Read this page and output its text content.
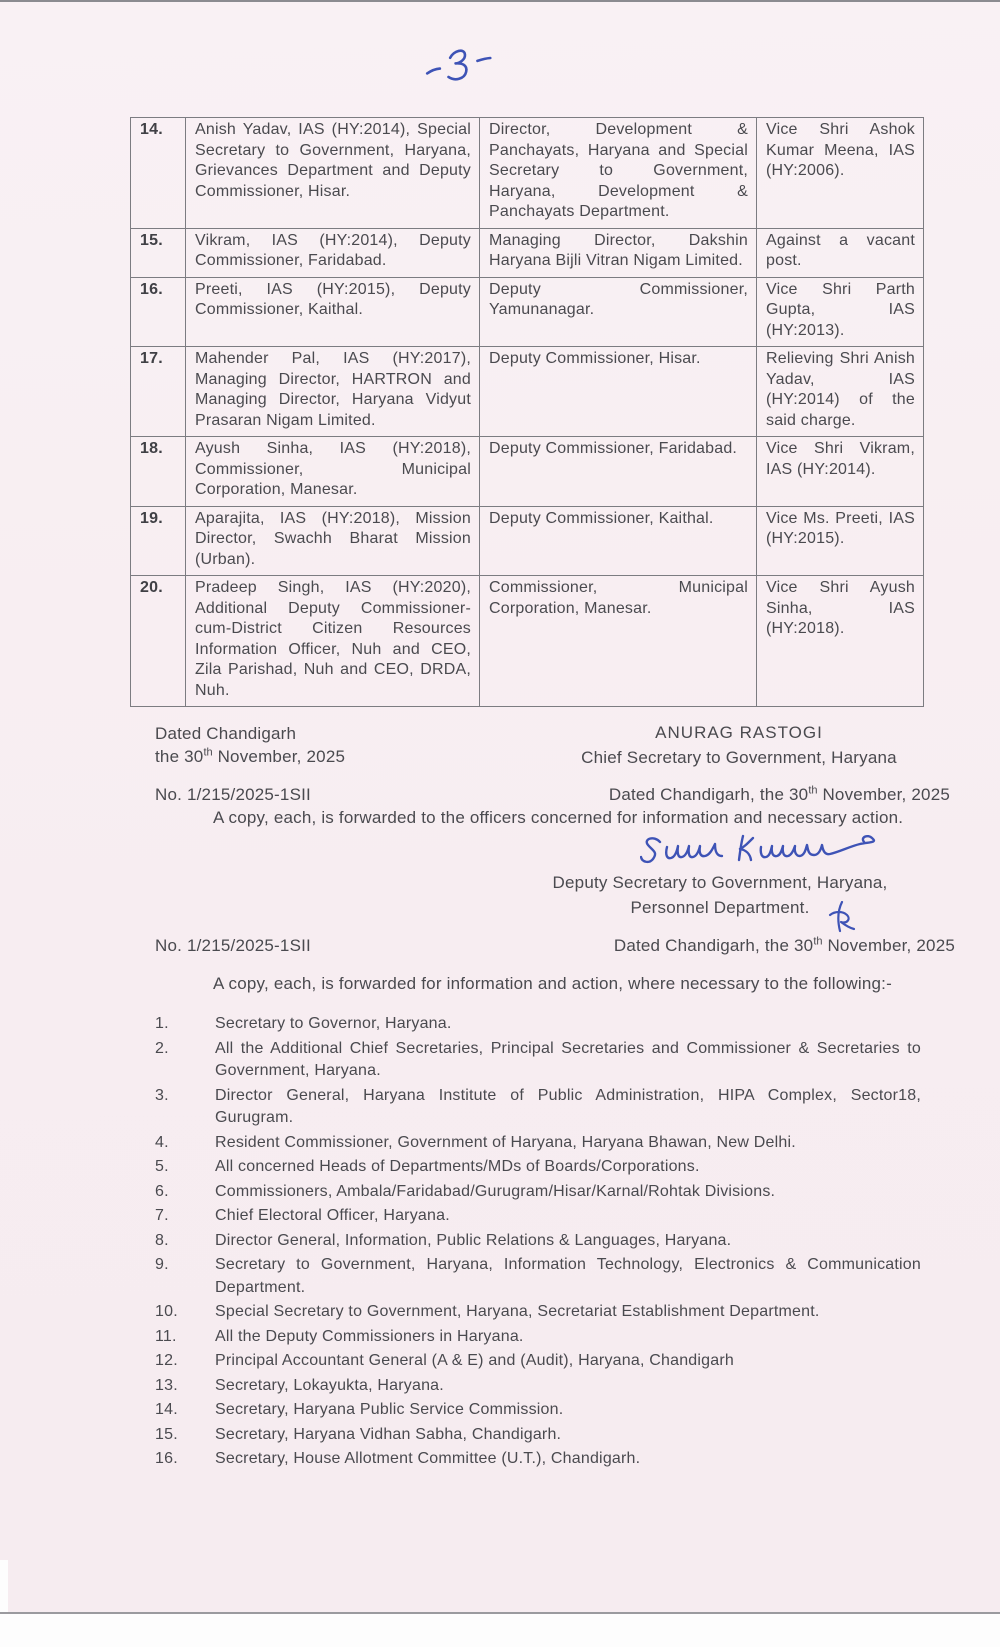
14.	Anish Yadav, IAS (HY:2014), Special Secretary to Government, Haryana, Grievances Department and Deputy Commissioner, Hisar.	Director, Development & Panchayats, Haryana and Special Secretary to Government, Haryana, Development & Panchayats Department.	Vice Shri Ashok Kumar Meena, IAS (HY:2006).
15.	Vikram, IAS (HY:2014), Deputy Commissioner, Faridabad.	Managing Director, Dakshin Haryana Bijli Vitran Nigam Limited.	Against a vacant post.
16.	Preeti, IAS (HY:2015), Deputy Commissioner, Kaithal.	Deputy Commissioner, Yamunanagar.	Vice Shri Parth Gupta, IAS (HY:2013).
17.	Mahender Pal, IAS (HY:2017), Managing Director, HARTRON and Managing Director, Haryana Vidyut Prasaran Nigam Limited.	Deputy Commissioner, Hisar.	Relieving Shri Anish Yadav, IAS (HY:2014) of the said charge.
18.	Ayush Sinha, IAS (HY:2018), Commissioner, Municipal Corporation, Manesar.	Deputy Commissioner, Faridabad.	Vice Shri Vikram, IAS (HY:2014).
19.	Aparajita, IAS (HY:2018), Mission Director, Swachh Bharat Mission (Urban).	Deputy Commissioner, Kaithal.	Vice Ms. Preeti, IAS (HY:2015).
20.	Pradeep Singh, IAS (HY:2020), Additional Deputy Commissioner-cum-District Citizen Resources Information Officer, Nuh and CEO, Zila Parishad, Nuh and CEO, DRDA, Nuh.	Commissioner, Municipal Corporation, Manesar.	Vice Shri Ayush Sinha, IAS (HY:2018).
Dated Chandigarh
the 30th November, 2025
ANURAG RASTOGI
Chief Secretary to Government, Haryana
No. 1/215/2025-1SII	Dated Chandigarh, the 30th November, 2025
A copy, each, is forwarded to the officers concerned for information and necessary action.
Deputy Secretary to Government, Haryana,
Personnel Department.
No. 1/215/2025-1SII	Dated Chandigarh, the 30th November, 2025
A copy, each, is forwarded for information and action, where necessary to the following:-
1.	Secretary to Governor, Haryana.
2.	All the Additional Chief Secretaries, Principal Secretaries and Commissioner & Secretaries to Government, Haryana.
3.	Director General, Haryana Institute of Public Administration, HIPA Complex, Sector18, Gurugram.
4.	Resident Commissioner, Government of Haryana, Haryana Bhawan, New Delhi.
5.	All concerned Heads of Departments/MDs of Boards/Corporations.
6.	Commissioners, Ambala/Faridabad/Gurugram/Hisar/Karnal/Rohtak Divisions.
7.	Chief Electoral Officer, Haryana.
8.	Director General, Information, Public Relations & Languages, Haryana.
9.	Secretary to Government, Haryana, Information Technology, Electronics & Communication Department.
10.	Special Secretary to Government, Haryana, Secretariat Establishment Department.
11.	All the Deputy Commissioners in Haryana.
12.	Principal Accountant General (A & E) and (Audit), Haryana, Chandigarh
13.	Secretary, Lokayukta, Haryana.
14.	Secretary, Haryana Public Service Commission.
15.	Secretary, Haryana Vidhan Sabha, Chandigarh.
16.	Secretary, House Allotment Committee (U.T.), Chandigarh.
